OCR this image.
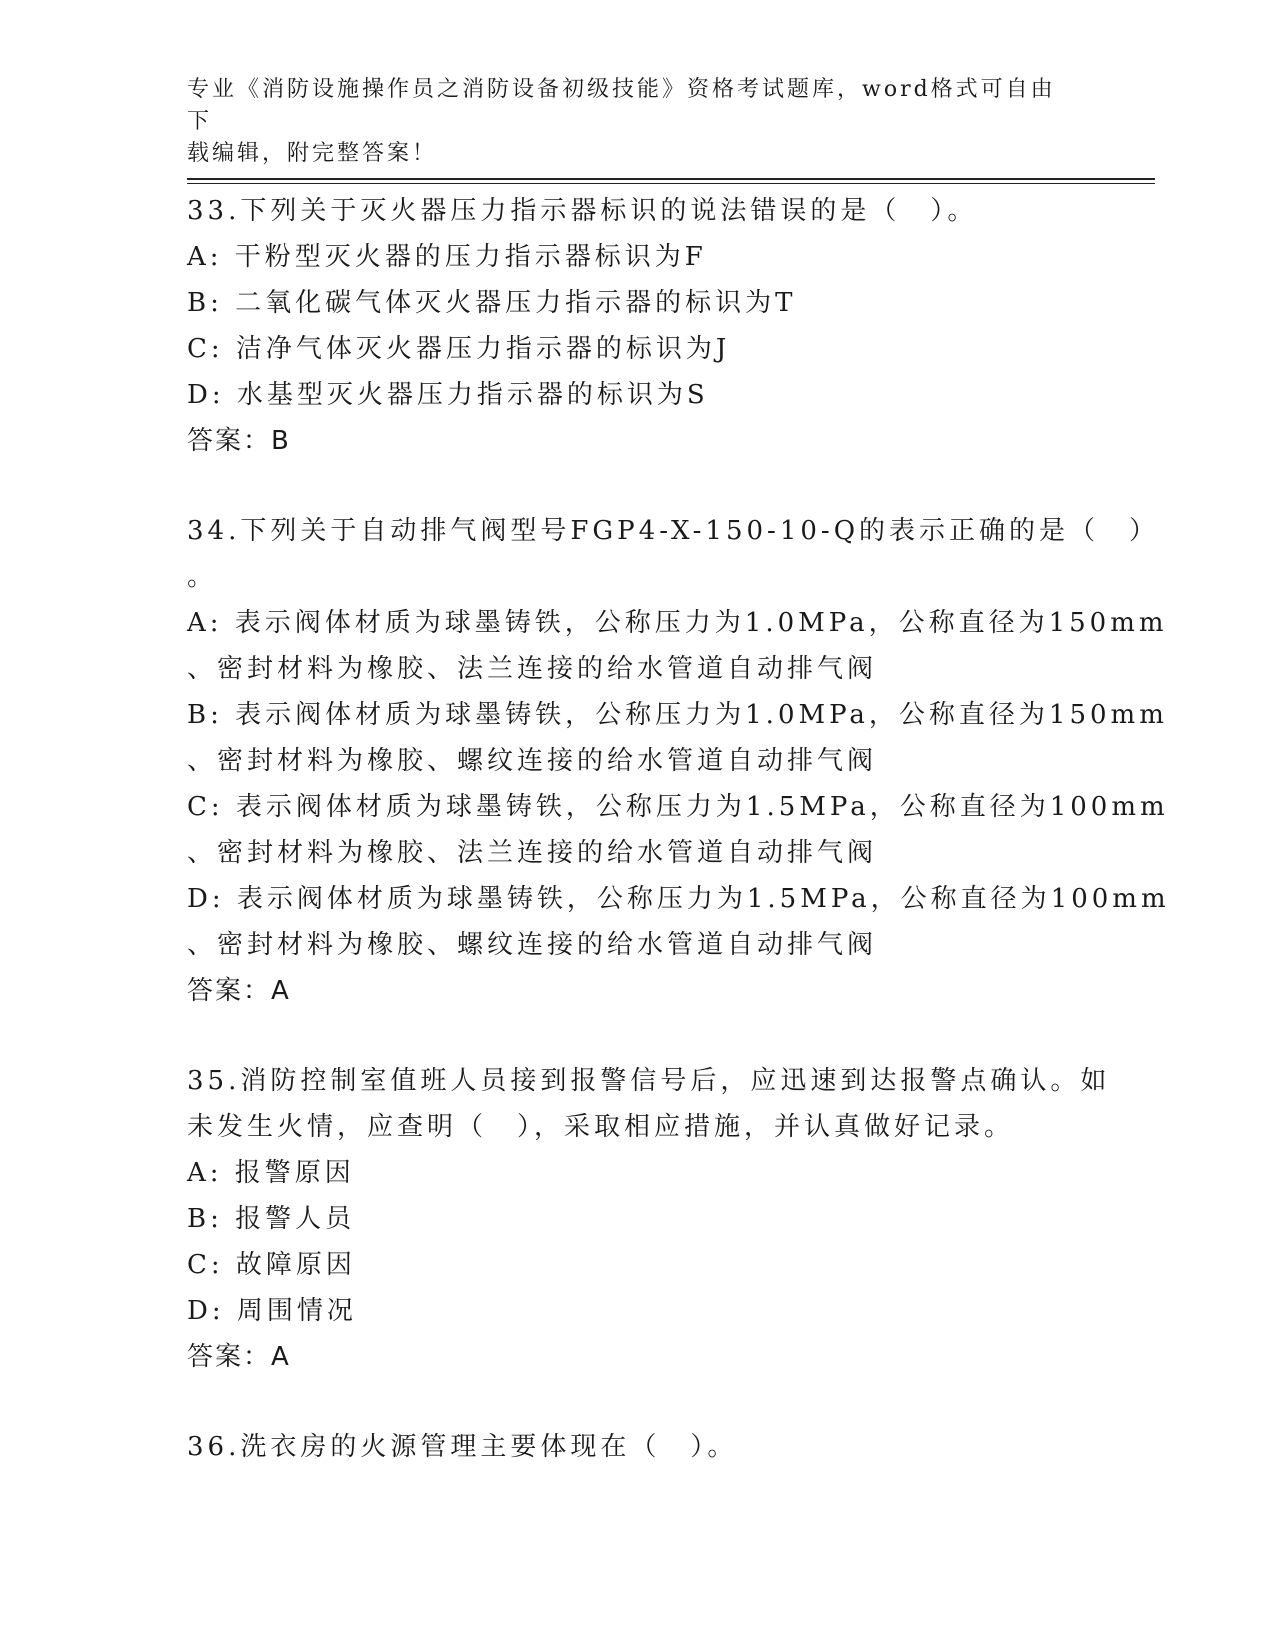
专业《消防设施操作员之消防设备初级技能》资格考试题库，word格式可自由下
载编辑，附完整答案！
33.下列关于灭火器压力指示器标识的说法错误的是（　）。
A: 干粉型灭火器的压力指示器标识为F
B: 二氧化碳气体灭火器压力指示器的标识为T
C: 洁净气体灭火器压力指示器的标识为J
D: 水基型灭火器压力指示器的标识为S
答案：B
34.下列关于自动排气阀型号FGP4-X-150-10-Q的表示正确的是（　）
。
A: 表示阀体材质为球墨铸铁，公称压力为1.0MPa，公称直径为150mm
、密封材料为橡胶、法兰连接的给水管道自动排气阀
B: 表示阀体材质为球墨铸铁，公称压力为1.0MPa，公称直径为150mm
、密封材料为橡胶、螺纹连接的给水管道自动排气阀
C: 表示阀体材质为球墨铸铁，公称压力为1.5MPa，公称直径为100mm
、密封材料为橡胶、法兰连接的给水管道自动排气阀
D: 表示阀体材质为球墨铸铁，公称压力为1.5MPa，公称直径为100mm
、密封材料为橡胶、螺纹连接的给水管道自动排气阀
答案：A
35.消防控制室值班人员接到报警信号后，应迅速到达报警点确认。如
未发生火情，应查明（　），采取相应措施，并认真做好记录。
A: 报警原因
B: 报警人员
C: 故障原因
D: 周围情况
答案：A
36.洗衣房的火源管理主要体现在（　）。
